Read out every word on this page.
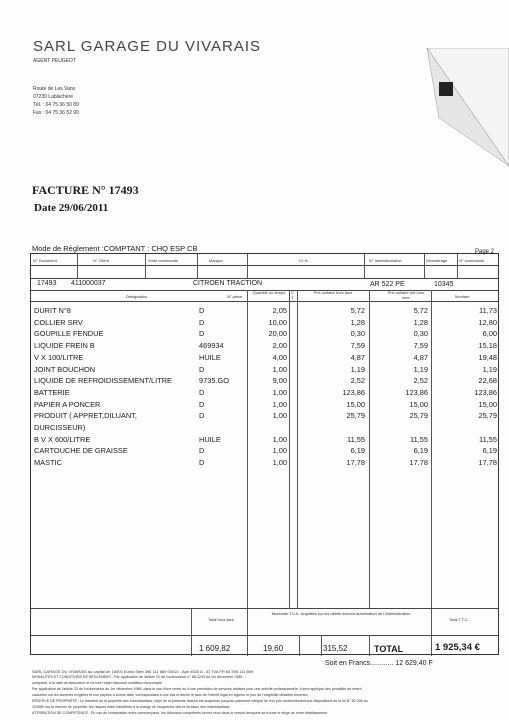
SARL GARAGE DU VIVARAIS
AGENT PEUGEOT
Route de Les Vans
07230 Lablachère
Tél. : 04 75 36 50 89
Fax : 04 75 36 52 90
FACTURE N° 17493
Date 29/06/2011
Mode de Règlement :COMPTANT : CHQ ESP CB	Page 2
N° Document	N° Client	Votre commande	Marque	V.I.N.	N° Immatriculation	Kilométrage	N° commande
17493 411000037	CITROEN TRACTION	AR 522 PE	10345
Désignation	N° pièce
Quantité ou temps C T
Prix unitaire hors taxe	Prix unitaire net hors taxe	Montant
DURIT N°8	D	2,05	5,72	5,72	11,73
COLLIER SRV	D	10,00	1,28	1,28	12,80
GOUPILLE FENDUE	D	20,00	0,30	0,30	6,00
LIQUIDE FREIN B	469934	2,00	7,59	7,59	15,18
V X 100/LITRE	HUILE	4,00	4,87	4,87	19,48
JOINT BOUCHON	D	1,00	1,19	1,19	1,19
LIQUIDE DE REFROIDISSEMENT/LITRE	9735.GO	9,00	2,52	2,52	22,68
BATTERIE	D	1,00	123,86	123,86	123,86
PAPIER A PONCER	D	1,00	15,00	15,00	15,00
PRODUIT ( APPRET,DILUANT,	D	1,00	25,79	25,79	25,79
DURCISSEUR)
B V X 600/LITRE	HUILE	1,00	11,55	11,55	11,55
CARTOUCHE DE GRAISSE	D	1,00	6,19	6,19	6,19
MASTIC	D	1,00	17,78	17,78	17,78
Total hors taxe
Montants T.V.A. acquittés sur les débits suivant autorisation de l'Administration
Total T.T.C.
1 609,82	19,60	315,52	TOTAL	1 925,34 €
Soit en Francs............ 12 629,40 F
SARL GARAGE DU VIVARAIS au capital de 16000 Euros Siret 395 111 669 00010 - Ape 4520 A - ID TVA FR 63 395 111 669
MODALITÉS ET CONDITIONS DE RÈGLEMENT : Par application de l'article 31 de l'ordonnance n° 86-1243 du 1er décembre 1986 ...
comptant, à la date de facturation et ne font l'objet d'aucune condition d'escompte.
Par application de l'article 33 de l'ordonnance du 1er décembre 1986, dans le cas d'une vente ou d'une prestation de services réalisée pour une activité professionnelle, il sera appliqué des pénalités de retard
calculées sur les sommes exigibles et non payées à bonne date, correspondant à une fois et demie le taux de l'intérêt légal en vigueur le jour de l'exigibilité desdites sommes.
RÉSERVE DE PROPRIÉTÉ : Le transfert de la propriété des marchandises, objet de la présente facture est suspendu jusqu'au paiement intégral de leur prix conformément aux dispositions de la loi N° 80 335 du
12/5/80 sur la réserve de propriété, les risques étant transférés à la charge de l'acquéreur dès la livraison des marchandises.
ATTRIBUTION DE COMPÉTENCE : En cas de contestation entre commerçants, les tribunaux compétents seront ceux dans le ressort desquels se trouve le siège de notre établissement.
